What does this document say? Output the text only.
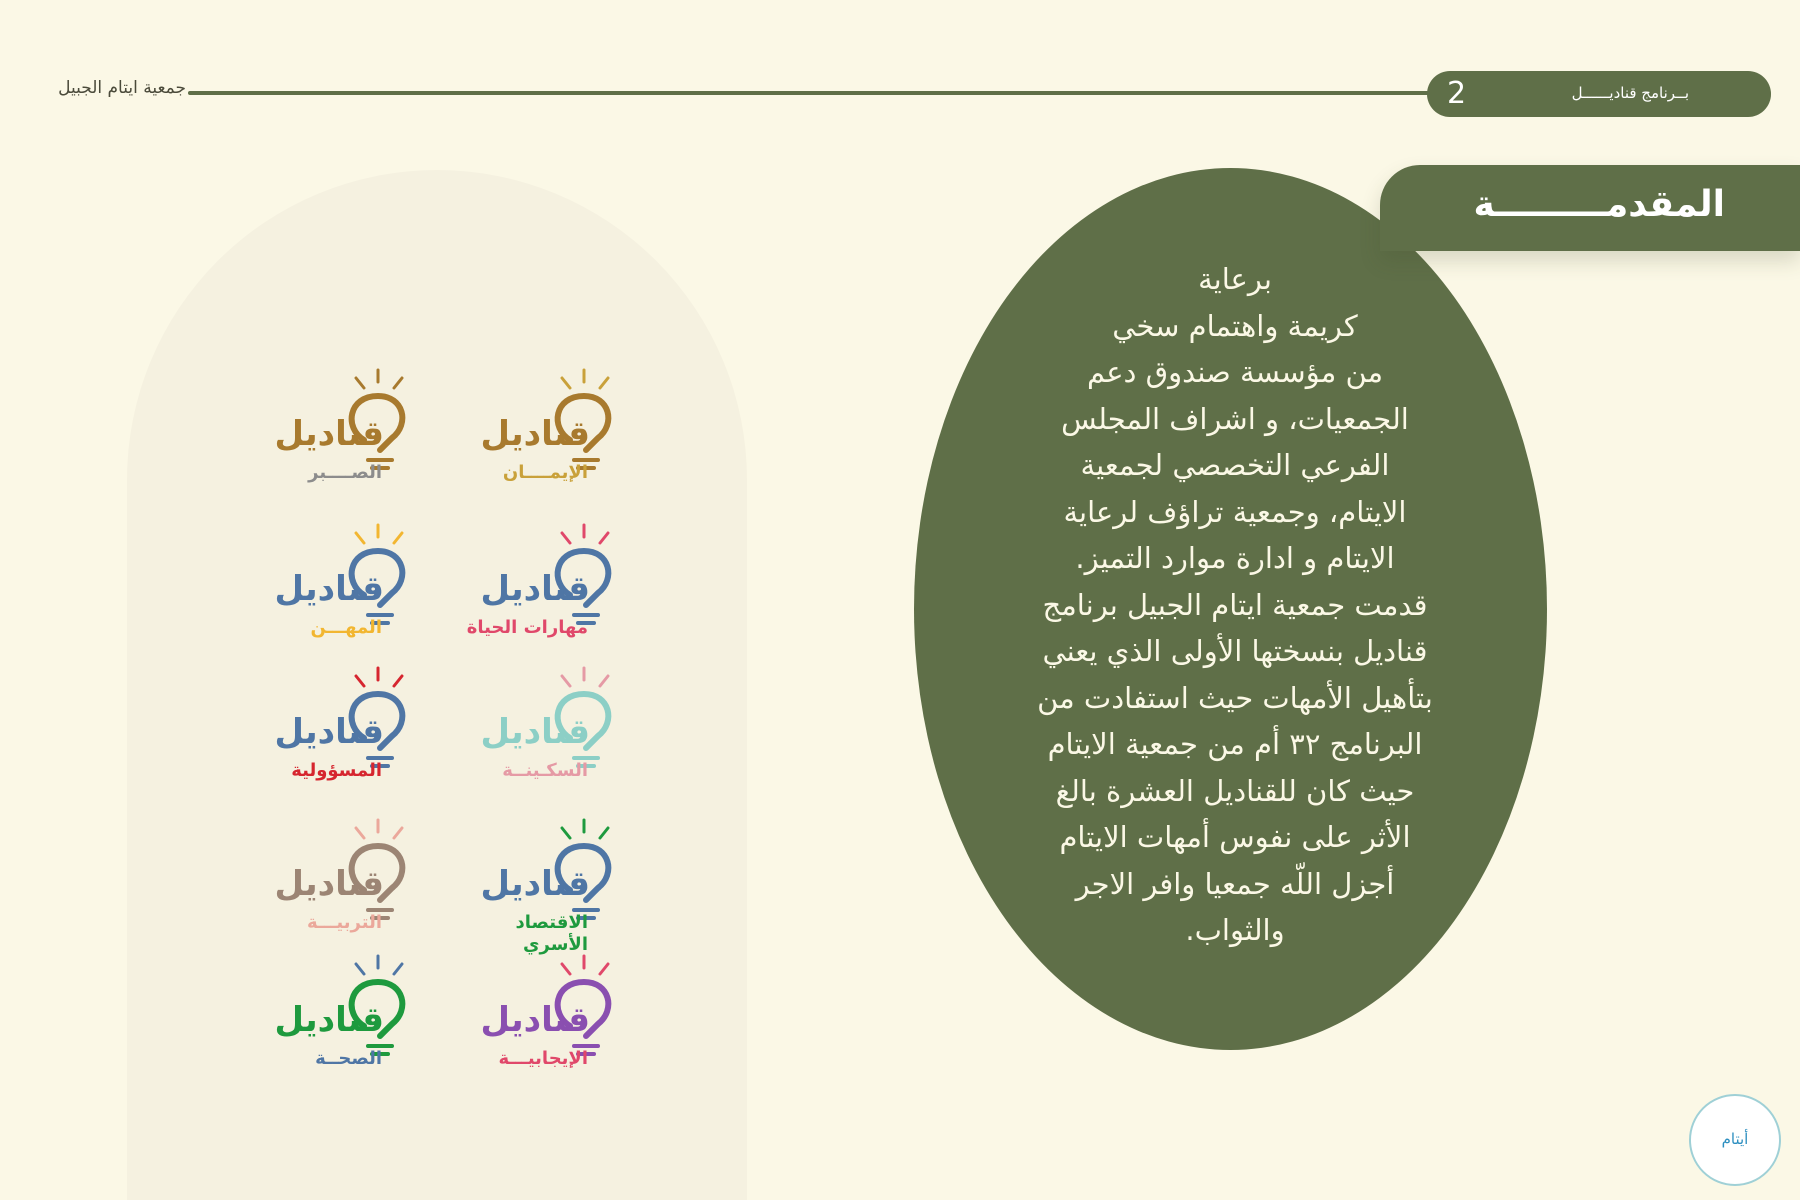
جمعية ايتام الجبيل	2	بــرنامج قناديــــــل
قناديل
الصــــبر
قناديل
الإيمــــان
قناديل
المهـــن
قناديل
مهارات الحياة
قناديل
المسؤولية
قناديل
السكـينــة
قناديل
التربيـــة
قناديل
الاقتصاد الأسري
قناديل
الصحــة
قناديل
الإيجابيـــة
برعاية
كريمة واهتمام سخي
من مؤسسة صندوق دعم
الجمعيات، و اشراف المجلس
الفرعي التخصصي لجمعية
الايتام، وجمعية تراؤف لرعاية
الايتام و ادارة موارد التميز.
قدمت جمعية ايتام الجبيل برنامج
قناديل بنسختها الأولى الذي يعني
بتأهيل الأمهات حيث استفادت من
البرنامج ٣٢ أم من جمعية الايتام
حيث كان للقناديل العشرة بالغ
الأثر على نفوس أمهات الايتام
أجزل اللّه جمعيا وافر الاجر
والثواب.
المقدمـــــــــة
أيتام
